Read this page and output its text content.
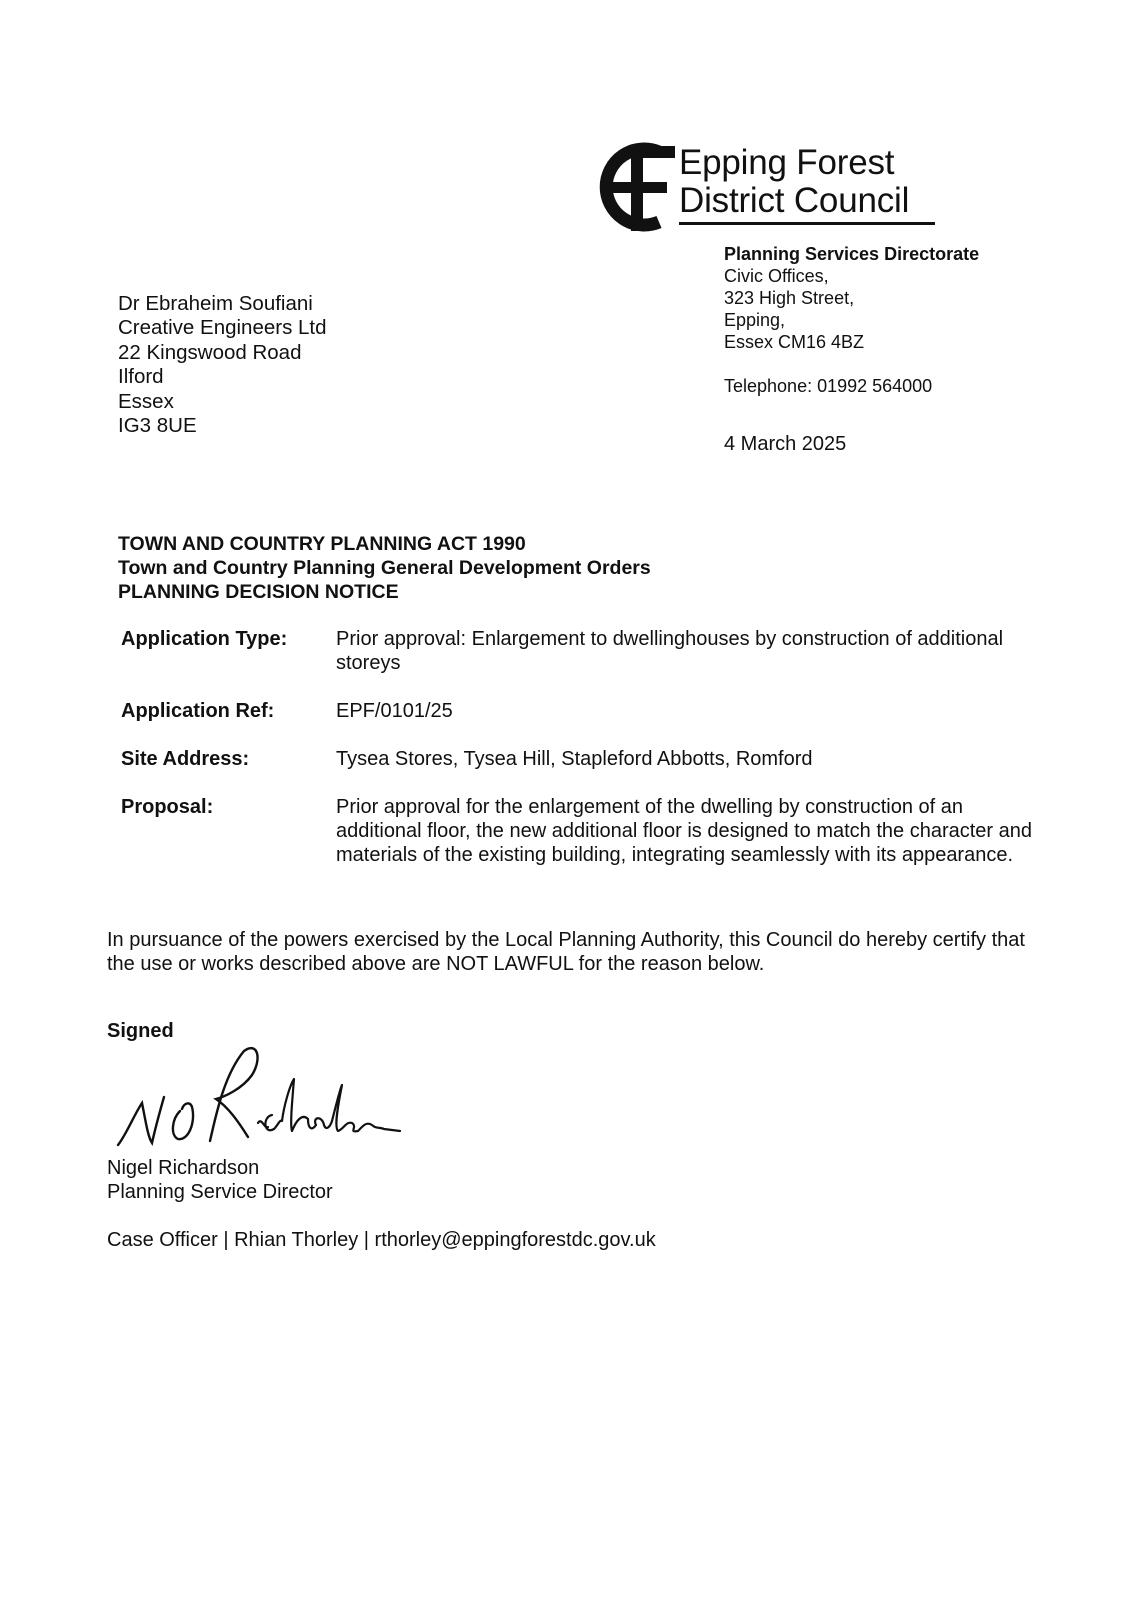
Epping Forest
District Council
Planning Services Directorate
Civic Offices,
323 High Street,
Epping,
Essex CM16 4BZ
Telephone: 01992 564000
4 March 2025
Dr Ebraheim Soufiani
Creative Engineers Ltd
22 Kingswood Road
Ilford
Essex
IG3 8UE
TOWN AND COUNTRY PLANNING ACT 1990
Town and Country Planning General Development Orders
PLANNING DECISION NOTICE
Application Type:	Prior approval: Enlargement to dwellinghouses by construction of additional storeys
Application Ref:	EPF/0101/25
Site Address:	Tysea Stores, Tysea Hill, Stapleford Abbotts, Romford
Proposal:	Prior approval for the enlargement of the dwelling by construction of an additional floor, the new additional floor is designed to match the character and materials of the existing building, integrating seamlessly with its appearance.
In pursuance of the powers exercised by the Local Planning Authority, this Council do hereby certify that the use or works described above are NOT LAWFUL for the reason below.
Signed
Nigel Richardson
Planning Service Director
Case Officer | Rhian Thorley | rthorley@eppingforestdc.gov.uk
